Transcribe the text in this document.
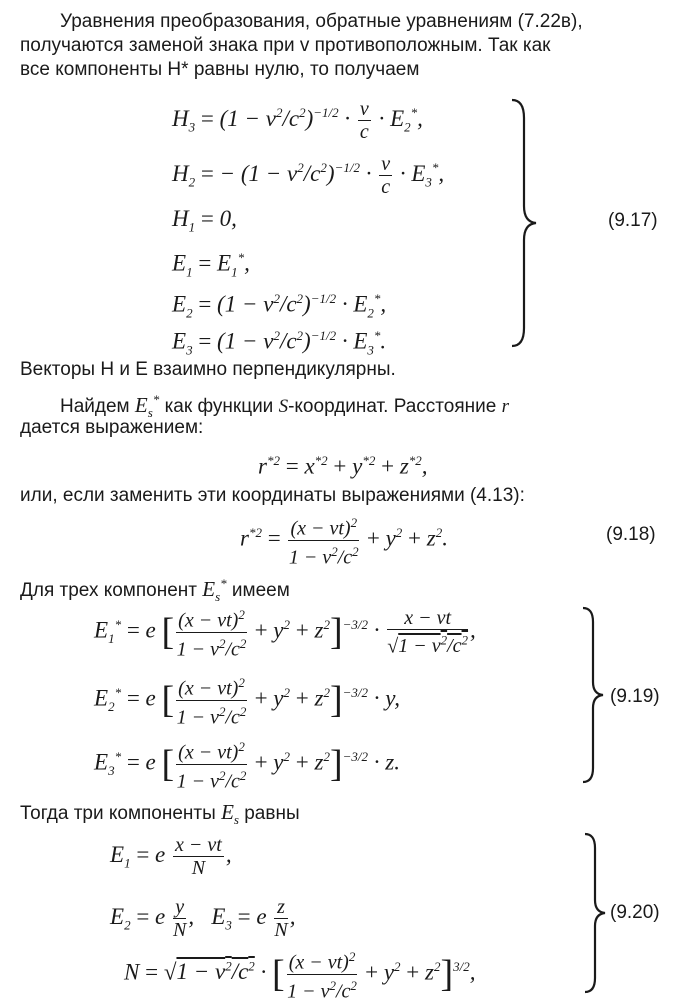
Уравнения преобразования, обратные уравнениям (7.22в),
получаются заменой знака при v противоположным. Так как
все компоненты H* равны нулю, то получаем
$H_3 = (1 - v^2/c^2)^{-1/2} \cdot \frac{v}{c} \cdot E_2^*$,
$H_2$ = − $(1 - v^2/c^2)^{-1/2} \cdot \frac{v}{c} \cdot E_3^*$,
$H_1 = 0$,
$E_1 = E_1^*$,
$E_2 = (1 - v^2/c^2)^{-1/2} \cdot E_2^*$,
$E_3 = (1 - v^2/c^2)^{-1/2} \cdot E_3^*$.
(9.17)
Векторы H и E взаимно перпендикулярны.
Найдем $E_s^*$ как функции S-координат. Расстояние r
дается выражением:
$r^{*2} = x^{*2} + y^{*2} + z^{*2}$,
или, если заменить эти координаты выражениями (4.13):
$r^{*2} = \frac{(x - vt)^2}{1 - v^2/c^2} + y^2 + z^2$.	(9.18)
Для трех компонент $E_s^*$ имеем
$E_1^* = e$ [ $\frac{(x - vt)^2}{1 - v^2/c^2} + y^2 + z^2]^{-3/2} \cdot \frac{x - vt}{√1 - v^2/c^2}$ ,
$E_2^* = e$ [ $\frac{(x - vt)^2}{1 - v^2/c^2} + y^2 + z^2]^{-3/2} \cdot y$,
$E_3^* = e$ [ $\frac{(x - vt)^2}{1 - v^2/c^2} + y^2 + z^2]^{-3/2} \cdot z$.
(9.19)
Тогда три компоненты $E_s$ равны
$E_1 = e \frac{x - vt}{N}$ ,
$E_2 = e \frac{y}{N}$ ,   $E_3 = e \frac{z}{N}$ ,
$N = √1 - v^2/c^2$ · [ $\frac{(x - vt)^2}{1 - v^2/c^2} + y^2 + z^2]^{3/2}$,
(9.20)
